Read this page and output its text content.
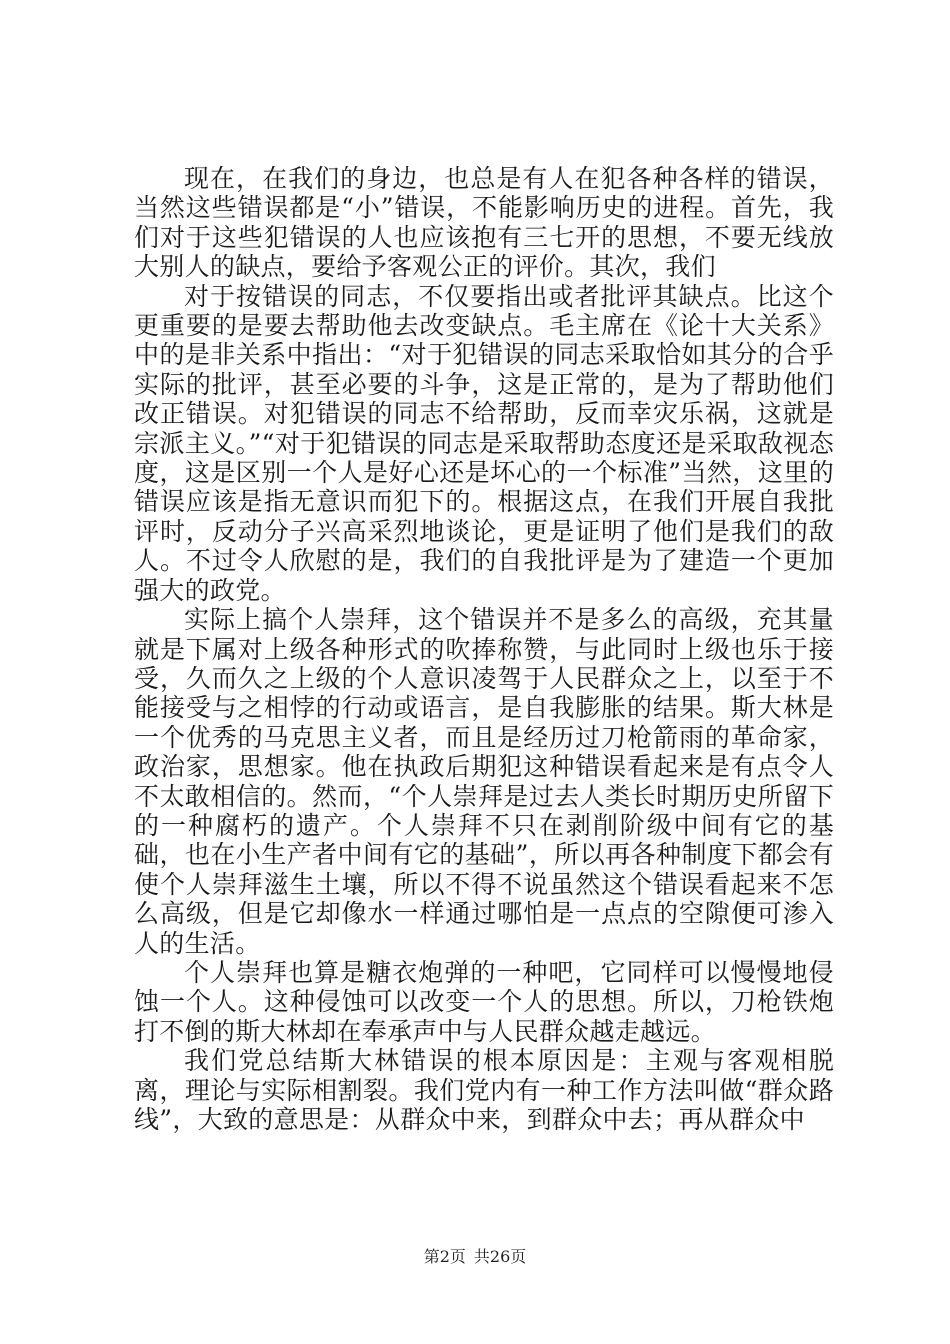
现在，在我们的身边，也总是有人在犯各种各样的错误，当然这些错误都是“小”错误，不能影响历史的进程。首先，我们对于这些犯错误的人也应该抱有三七开的思想，不要无线放大别人的缺点，要给予客观公正的评价。其次，我们

对于按错误的同志，不仅要指出或者批评其缺点。比这个更重要的是要去帮助他去改变缺点。毛主席在《论十大关系》中的是非关系中指出：“对于犯错误的同志采取恰如其分的合乎实际的批评，甚至必要的斗争，这是正常的，是为了帮助他们改正错误。对犯错误的同志不给帮助，反而幸灾乐祸，这就是宗派主义。”“对于犯错误的同志是采取帮助态度还是采取敌视态度，这是区别一个人是好心还是坏心的一个标准”当然，这里的错误应该是指无意识而犯下的。根据这点，在我们开展自我批评时，反动分子兴高采烈地谈论，更是证明了他们是我们的敌人。不过令人欣慰的是，我们的自我批评是为了建造一个更加强大的政党。

实际上搞个人崇拜，这个错误并不是多么的高级，充其量就是下属对上级各种形式的吹捧称赞，与此同时上级也乐于接受，久而久之上级的个人意识凌驾于人民群众之上，以至于不能接受与之相悖的行动或语言，是自我膨胀的结果。斯大林是一个优秀的马克思主义者，而且是经历过刀枪箭雨的革命家，政治家，思想家。他在执政后期犯这种错误看起来是有点令人不太敢相信的。然而，“个人崇拜是过去人类长时期历史所留下的一种腐朽的遗产。个人崇拜不只在剥削阶级中间有它的基础，也在小生产者中间有它的基础”，所以再各种制度下都会有使个人崇拜滋生土壤，所以不得不说虽然这个错误看起来不怎么高级，但是它却像水一样通过哪怕是一点点的空隙便可渗入人的生活。

个人崇拜也算是糖衣炮弹的一种吧，它同样可以慢慢地侵蚀一个人。这种侵蚀可以改变一个人的思想。所以，刀枪铁炮打不倒的斯大林却在奉承声中与人民群众越走越远。

我们党总结斯大林错误的根本原因是：主观与客观相脱离，理论与实际相割裂。我们党内有一种工作方法叫做“群众路线”，大致的意思是：从群众中来，到群众中去；再从群众中

第2页 共26页
